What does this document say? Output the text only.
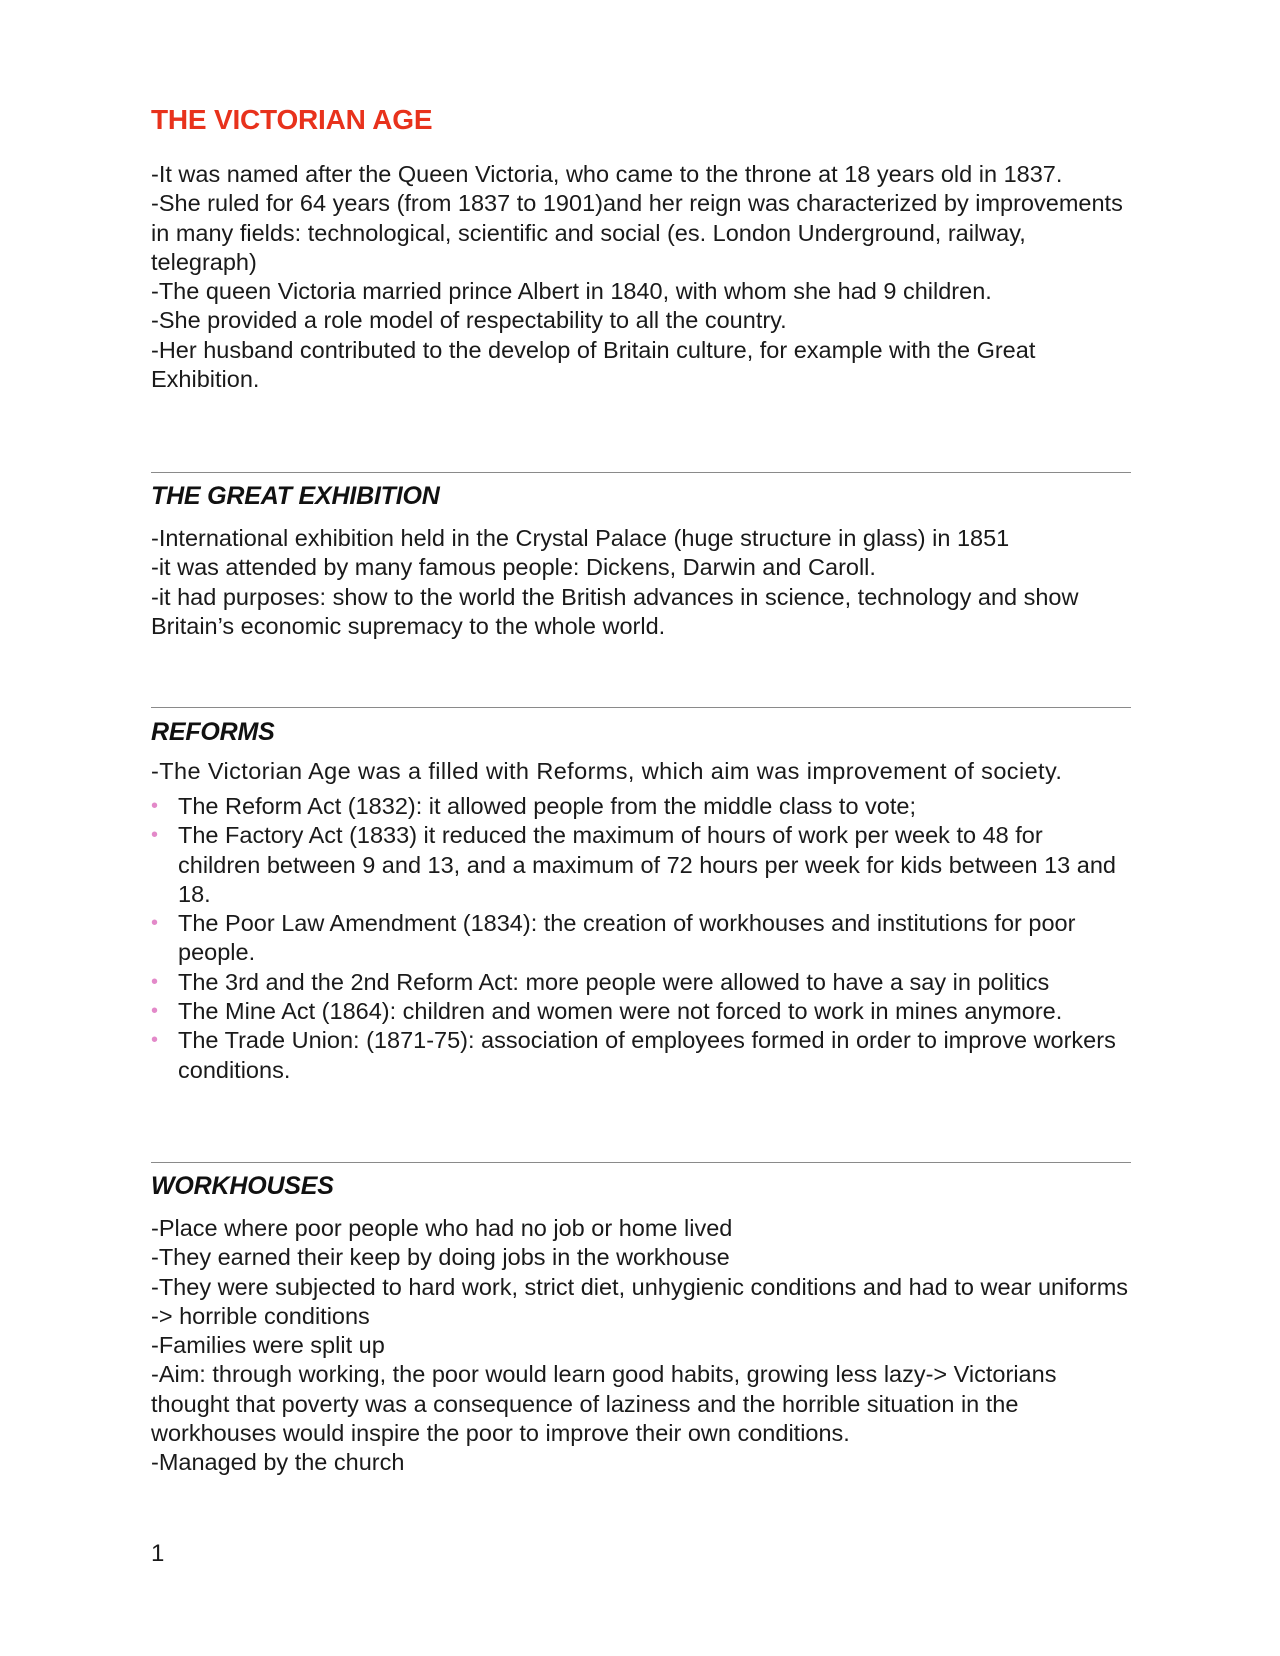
THE VICTORIAN AGE

-It was named after the Queen Victoria, who came to the throne at 18 years old in 1837.

-She ruled for 64 years (from 1837 to 1901)and her reign was characterized by improvements in many fields: technological, scientific and social (es. London Underground, railway, telegraph)

-The queen Victoria married prince Albert in 1840, with whom she had 9 children.

-She provided a role model of respectability to all the country.

-Her husband contributed to the develop of Britain culture, for example with the Great Exhibition.

THE GREAT EXHIBITION

-International exhibition held in the Crystal Palace (huge structure in glass) in 1851

-it was attended by many famous people: Dickens, Darwin and Caroll.

-it had purposes: show to the world the British advances in science, technology and show Britain’s economic supremacy to the whole world.

REFORMS

-The Victorian Age was a filled with Reforms, which aim was improvement of society.

• The Reform Act (1832): it allowed people from the middle class to vote;
• The Factory Act (1833) it reduced the maximum of hours of work per week to 48 for children between 9 and 13, and a maximum of 72 hours per week for kids between 13 and 18.
• The Poor Law Amendment (1834): the creation of workhouses and institutions for poor people.
• The 3rd and the 2nd Reform Act: more people were allowed to have a say in politics
• The Mine Act (1864): children and women were not forced to work in mines anymore.
• The Trade Union: (1871-75): association of employees formed in order to improve workers conditions.
WORKHOUSES

-Place where poor people who had no job or home lived

-They earned their keep by doing jobs in the workhouse

-They were subjected to hard work, strict diet, unhygienic conditions and had to wear uniforms -> horrible conditions

-Families were split up

-Aim: through working, the poor would learn good habits, growing less lazy-> Victorians thought that poverty was a consequence of laziness and the horrible situation in the workhouses would inspire the poor to improve their own conditions.

-Managed by the church

1
